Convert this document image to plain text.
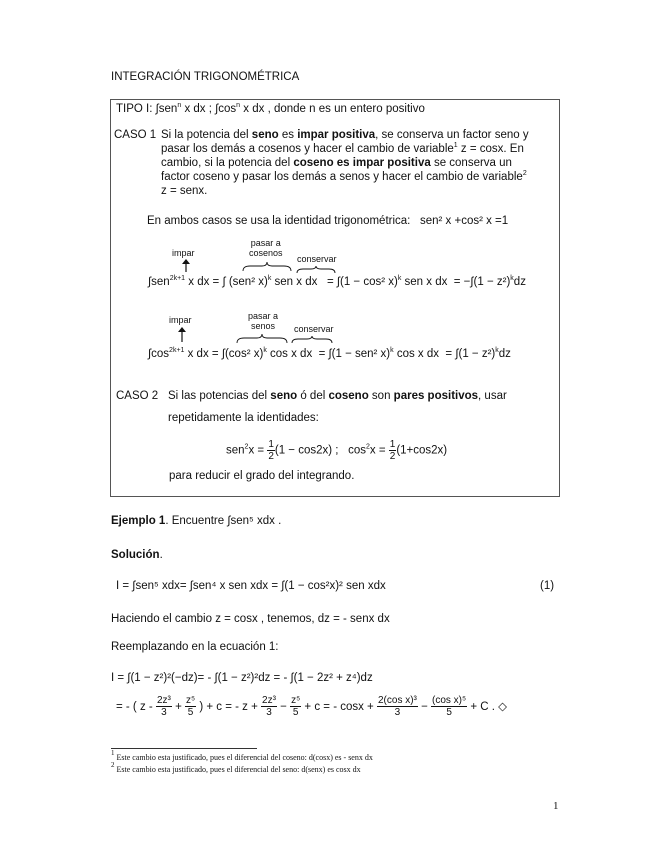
INTEGRACIÓN TRIGONOMÉTRICA
TIPO I: ∫sen$^n$ x dx ; $\int\cos^n$ x dx , donde n es un entero positivo
CASO 1 Si la potencia del seno es impar positiva, se conserva un factor seno y
pasar los demás a cosenos y hacer el cambio de variable$^1$ z = cosx. En
cambio, si la potencia del coseno es impar positiva se conserva un
factor coseno y pasar los demás a senos y hacer el cambio de variable$^2$
z = senx.
En ambos casos se usa la identidad trigonométrica: sen² x +cos² x =1
impar
pasar a
cosenos
conservar
∫sen$^{2k+1}$ x dx = ∫ (sen² x)$^k$ sen x dx = ∫(1 − cos² x)$^k$ sen x dx = $-\int(1 - z^2)^kdz$
impar	pasar a
senos	conservar
$\int\cos^{2k+1}$ x dx = ∫(cos² x)$^k$ cos x dx = ∫(1 − sen² x)$^k$ cos x dx = $\int(1 - z^2)^kdz$
CASO 2 Si las potencias del seno ó del coseno son pares positivos, usar
repetidamente la identidades:
$sen^2x = \frac{1}{2} (1 - \cos 2x)$ ; $\cos^2x = \frac{1}{2} (1+\cos 2x)$
para reducir el grado del integrando.
Ejemplo 1. Encuentre ∫sen⁵ xdx .
Solución.
I = ∫sen⁵ xdx= ∫sen⁴ x sen xdx = ∫(1 − cos²x)² sen xdx	(1)
Haciendo el cambio z = cosx , tenemos, dz = - senx dx
Reemplazando en la ecuación 1:
I = ∫(1 − z²)²(−dz)= - ∫(1 − z²)²dz = - ∫(1 − 2z² + z⁴)dz
= - ( $z - \frac{\text{2z³}}{3} + \frac{\text{z⁵}}{5}$ ) + c = - $z + \frac{\text{2z³}}{3} - \frac{\text{z⁵}}{5} + c$ = - $\cos x + \frac{\text{2(cos x)³}}{3} - \frac{\text{(cos x)⁵}}{5} + C$ . ◇
$^1$ Este cambio esta justificado, pues el diferencial del coseno: d(cosx) es - senx dx
$^2$ Este cambio esta justificado, pues el diferencial del seno: d(senx) es cosx dx
1
